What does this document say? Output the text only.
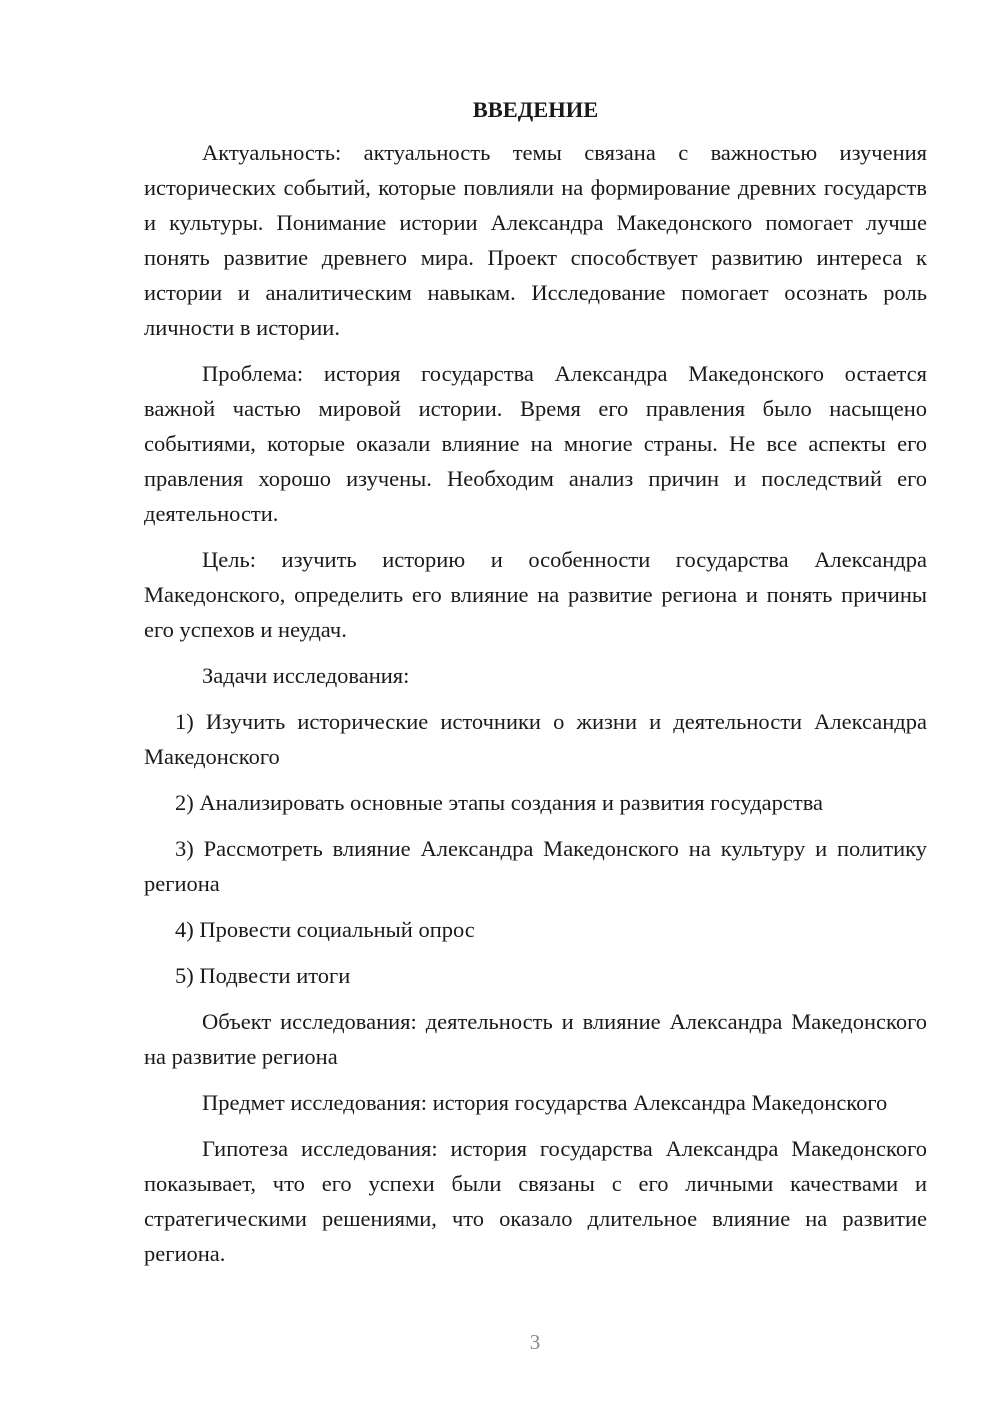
ВВЕДЕНИЕ

Актуальность: актуальность темы связана с важностью изучения исторических событий, которые повлияли на формирование древних государств и культуры. Понимание истории Александра Македонского помогает лучше понять развитие древнего мира. Проект способствует развитию интереса к истории и аналитическим навыкам. Исследование помогает осознать роль личности в истории.

Проблема: история государства Александра Македонского остается важной частью мировой истории. Время его правления было насыщено событиями, которые оказали влияние на многие страны. Не все аспекты его правления хорошо изучены. Необходим анализ причин и последствий его деятельности.

Цель: изучить историю и особенности государства Александра Македонского, определить его влияние на развитие региона и понять причины его успехов и неудач.

Задачи исследования:

1) Изучить исторические источники о жизни и деятельности Александра Македонского

2) Анализировать основные этапы создания и развития государства

3) Рассмотреть влияние Александра Македонского на культуру и политику региона

4) Провести социальный опрос

5) Подвести итоги

Объект исследования: деятельность и влияние Александра Македонского на развитие региона

Предмет исследования: история государства Александра Македонского

Гипотеза исследования: история государства Александра Македонского показывает, что его успехи были связаны с его личными качествами и стратегическими решениями, что оказало длительное влияние на развитие региона.

3
